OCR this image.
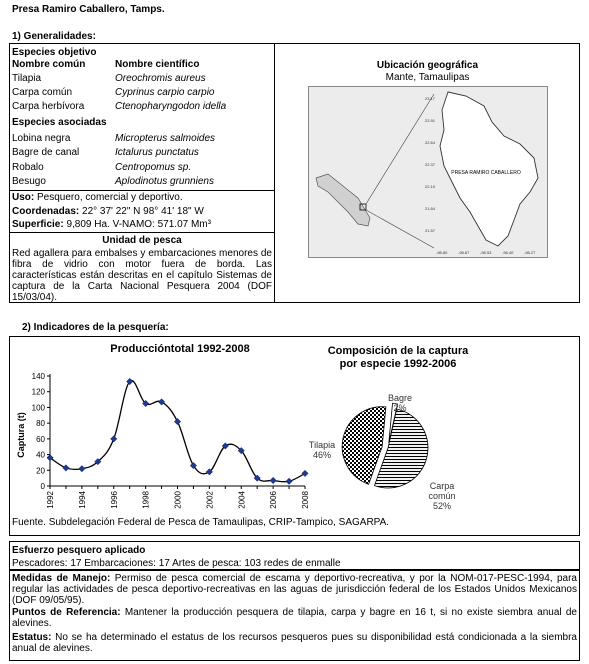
Presa Ramiro Caballero, Tamps.
1) Generalidades:
Especies objetivo
Nombre común	Nombre científico
Tilapia	Oreochromis aureus
Carpa común	Cyprinus carpio carpio
Carpa herbívora	Ctenopharyngodon idella
Especies asociadas
Lobina negra	Micropterus salmoides
Bagre de canal	Ictalurus punctatus
Robalo	Centropomus sp.
Besugo	Aplodinotus grunniens
Uso: Pesquero, comercial y deportivo.
Coordenadas: 22° 37' 22" N 98° 41' 18" W
Superficie: 9,809 Ha. V-NAMO: 571.07 Mm³
Unidad de pesca
Red agallera para embalses y embarcaciones menores de fibra de vidrio con motor fuera de borda. Las características están descritas en el capítulo Sistemas de captura de la Carta Nacional Pesquera 2004 (DOF 15/03/04).
Ubicación geográfica
Mante, Tamaulipas
23.17
22.91
22.64
22.37
22.10
21.84
21.57
-98.80	-98.67	-98.53	-98.40	-98.27
PRESA RAMIRO CABALLERO
2) Indicadores de la pesquería:
Produccióntotal 1992-2008
Captura (t)
0
20
40
60
80
100
120
140
1992	1994	1996	1998	2000	2002	2004	2006	2008
Composición de la captura
por especie 1992-2006
Bagre
2%
Tilapia
46%
Carpa
común
52%
Fuente. Subdelegación Federal de Pesca de Tamaulipas, CRIP-Tampico, SAGARPA.
Esfuerzo pesquero aplicado
Pescadores: 17 Embarcaciones: 17 Artes de pesca: 103 redes de enmalle
Medidas de Manejo: Permiso de pesca comercial de escama y deportivo-recreativa, y por la NOM-017-PESC-1994, para regular las actividades de pesca deportivo-recreativas en las aguas de jurisdicción federal de los Estados Unidos Mexicanos (DOF 09/05/95).
Puntos de Referencia: Mantener la producción pesquera de tilapia, carpa y bagre en 16 t, si no existe siembra anual de alevines.
Estatus: No se ha determinado el estatus de los recursos pesqueros pues su disponibilidad está condicionada a la siembra anual de alevines.
